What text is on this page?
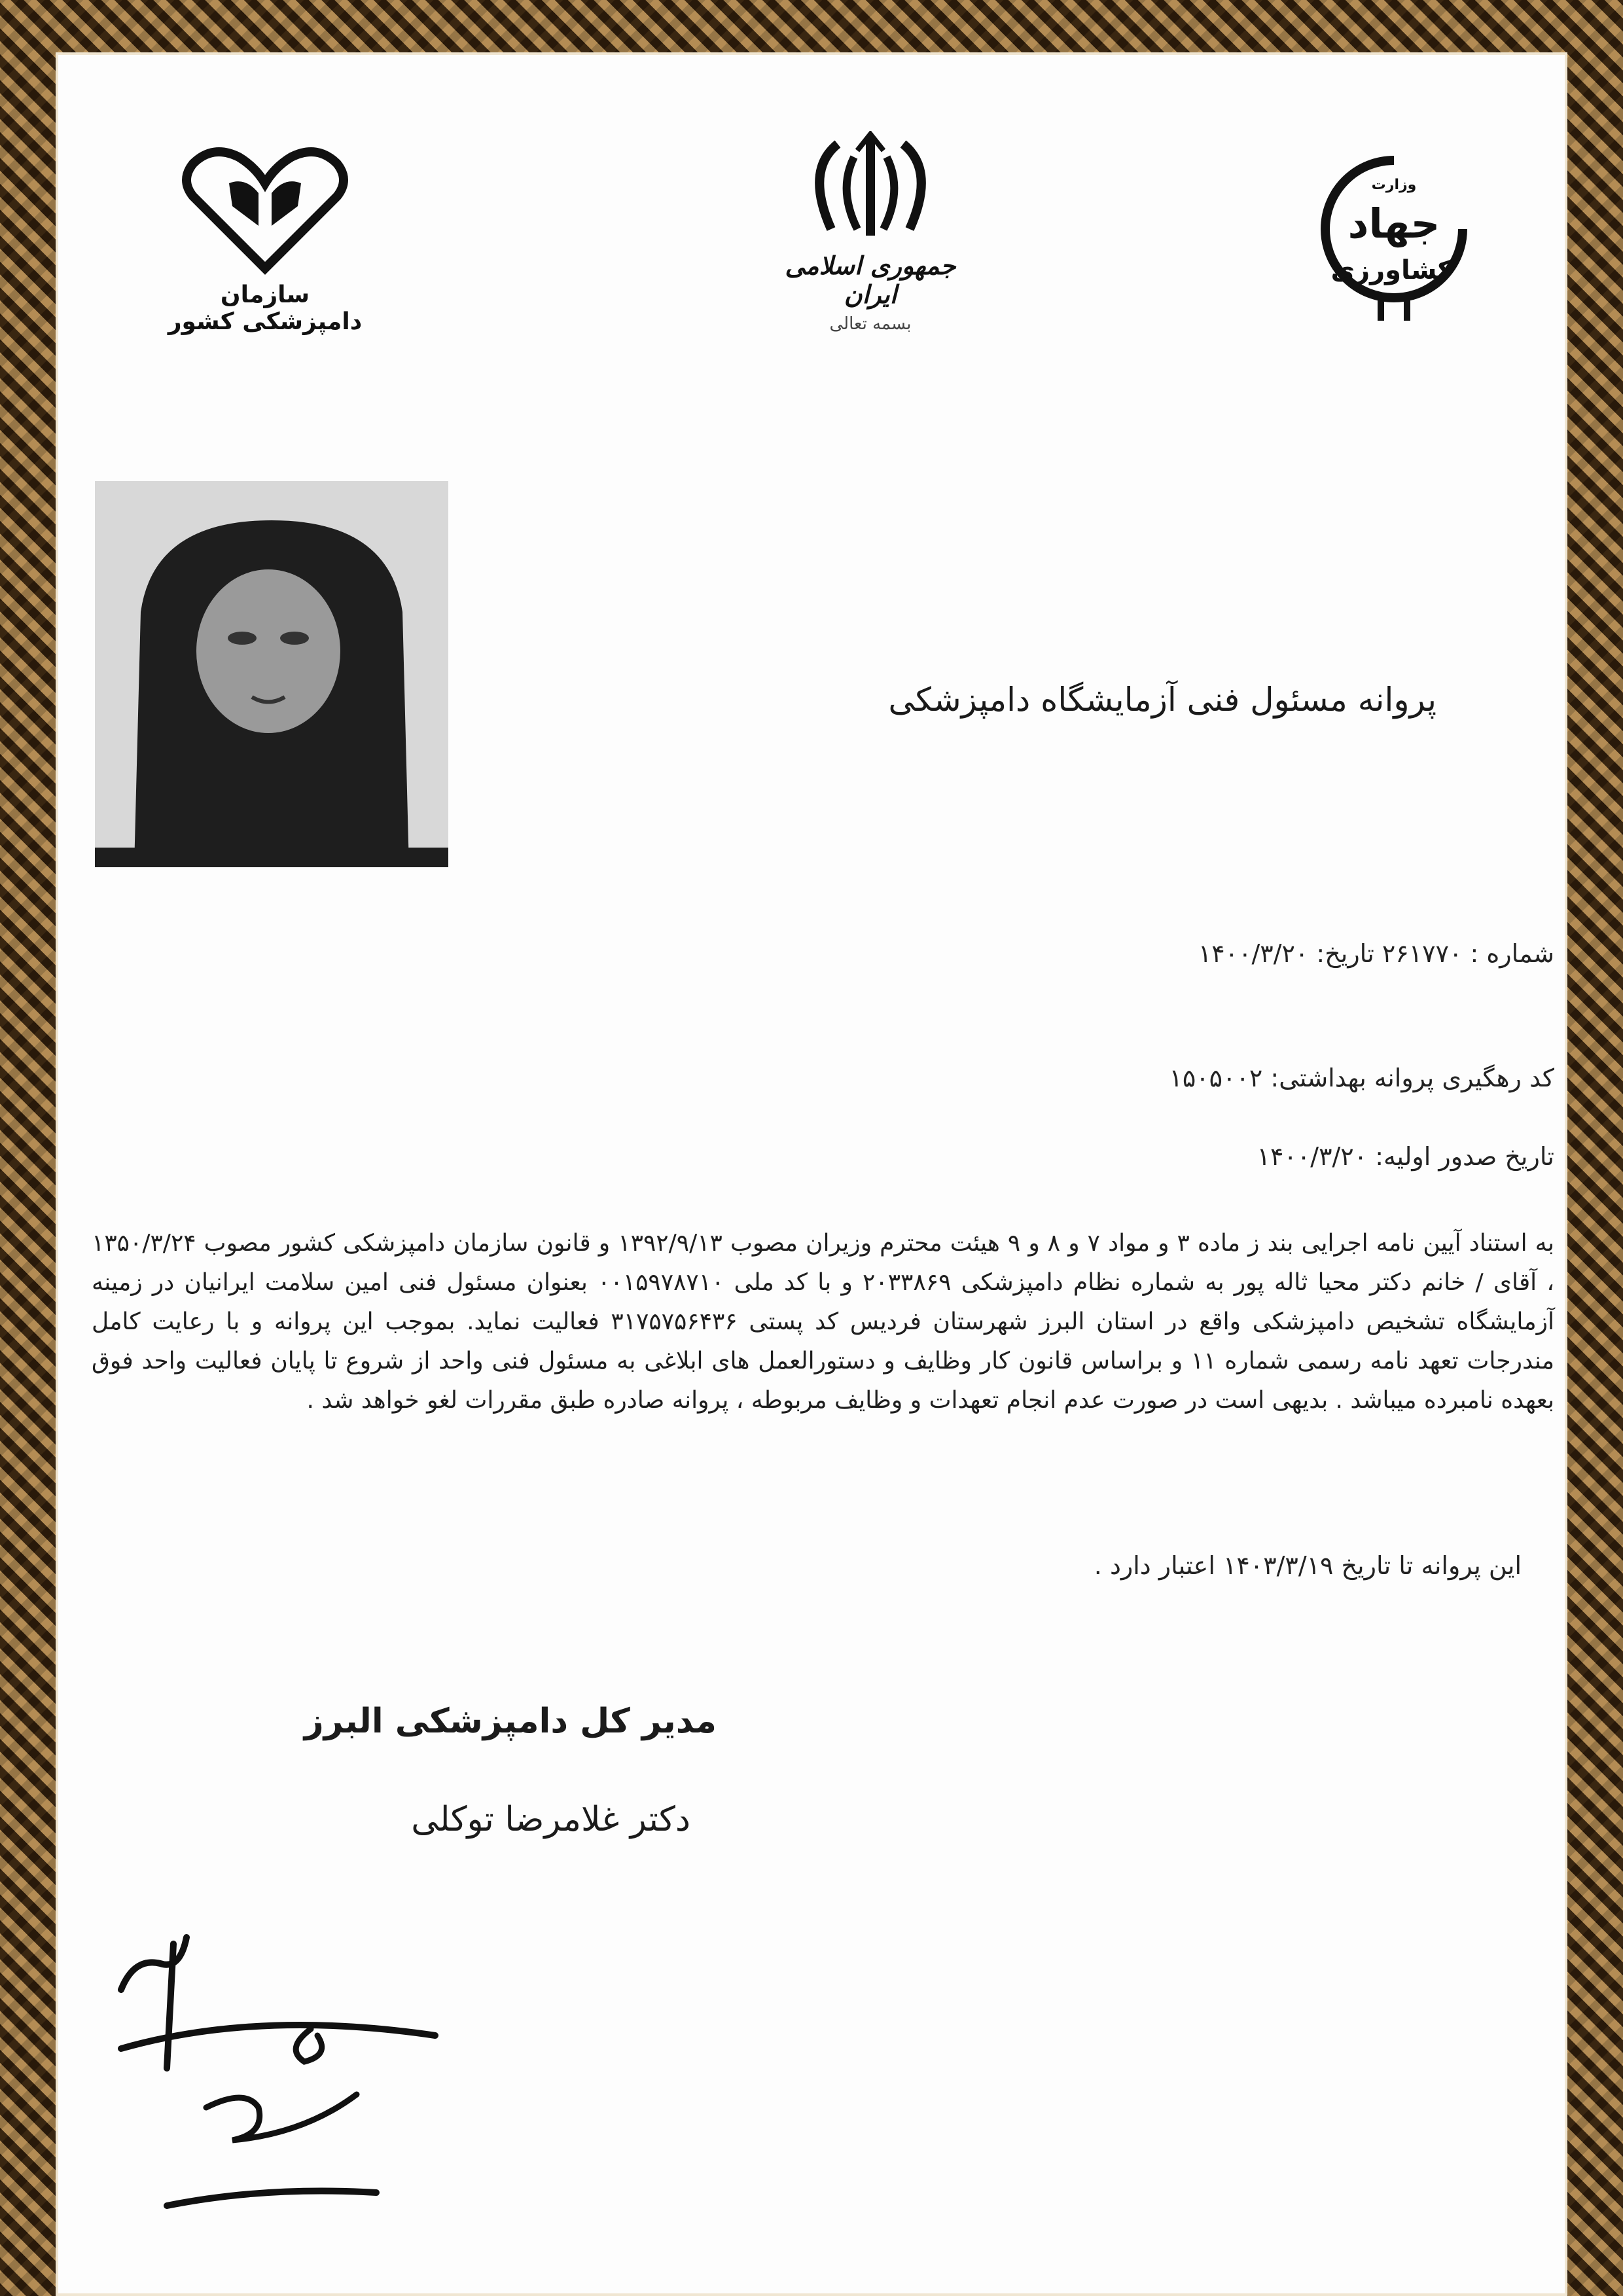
سازمان دامپزشکی کشور
جمهوری اسلامی ایران
بسمه تعالی
وزارت
جهاد
کشاورزی
پروانه مسئول فنی آزمایشگاه دامپزشکی
شماره : ۲۶۱۷۷۰ تاریخ: ۱۴۰۰/۳/۲۰
کد رهگیری پروانه بهداشتی: ۱۵۰۵۰۰۲
تاریخ صدور اولیه: ۱۴۰۰/۳/۲۰
به استناد آیین نامه اجرایی بند ز ماده ۳ و مواد ۷ و ۸ و ۹ هیئت محترم وزیران مصوب ۱۳۹۲/۹/۱۳ و قانون سازمان دامپزشکی کشور مصوب ۱۳۵۰/۳/۲۴ ، آقای / خانم دکتر محیا ثاله پور به شماره نظام دامپزشکی ۲۰۳۳۸۶۹ و با کد ملی ۰۰۱۵۹۷۸۷۱۰ بعنوان مسئول فنی امین سلامت ایرانیان در زمینه آزمایشگاه تشخیص دامپزشکی واقع در استان البرز شهرستان فردیس کد پستی ۳۱۷۵۷۵۶۴۳۶ فعالیت نماید. بموجب این پروانه و با رعایت کامل مندرجات تعهد نامه رسمی شماره ۱۱ و براساس قانون کار وظایف و دستورالعمل های ابلاغی به مسئول فنی واحد از شروع تا پایان فعالیت واحد فوق بعهده نامبرده میباشد . بدیهی است در صورت عدم انجام تعهدات و وظایف مربوطه ، پروانه صادره طبق مقررات لغو خواهد شد .
این پروانه تا تاریخ ۱۴۰۳/۳/۱۹ اعتبار دارد .
مدیر کل دامپزشکی البرز
دکتر غلامرضا توکلی
